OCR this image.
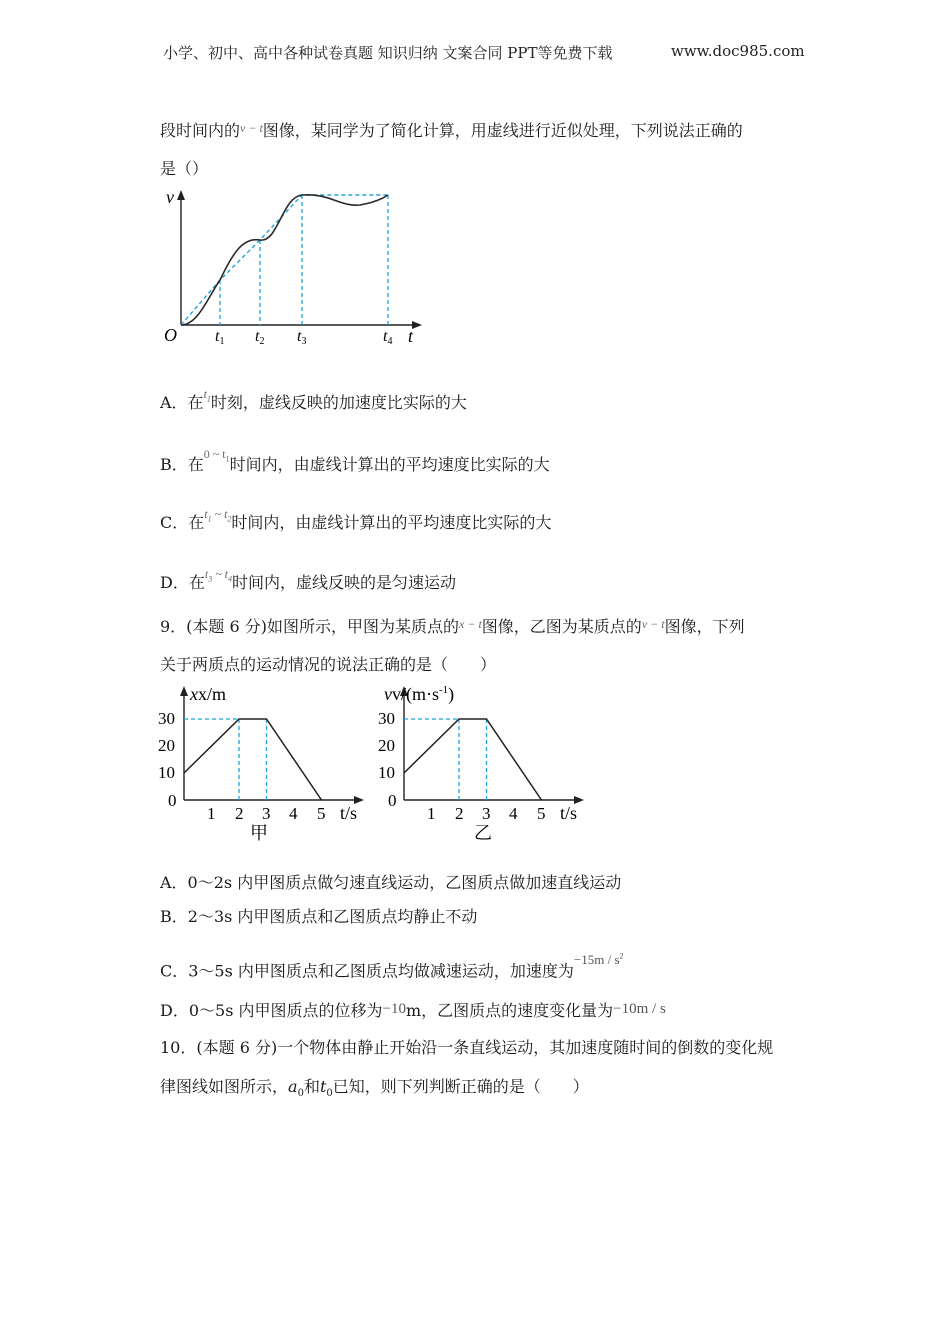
小学、初中、高中各种试卷真题 知识归纳 文案合同 PPT等免费下载	www.doc985.com
段时间内的$^{v - t}$图像，某同学为了简化计算，用虚线进行近似处理，下列说法正确的
是（）
v
t
O t1 t2 t3	t4
A．在$^{t_1}$时刻，虚线反映的加速度比实际的大
B．在$^{0 \sim t_1}$时间内，由虚线计算出的平均速度比实际的大
C．在$^{t_1 \sim t_2}$时间内，由虚线计算出的平均速度比实际的大
D．在$^{t_3 \sim t_4}$时间内，虚线反映的是匀速运动
9．(本题 6 分)如图所示，甲图为某质点的$^{x - t}$图像，乙图为某质点的$^{v - t}$图像，下列
关于两质点的运动情况的说法正确的是（　　）
xx/m
t/s
30
20
10
0
1 2 3 4 5
甲
$vv/(m\cdot s^{-1})$
t/s
30
20
10
0
1 2 3 4 5
乙
A．0～2s 内甲图质点做匀速直线运动，乙图质点做加速直线运动
B．2～3s 内甲图质点和乙图质点均静止不动
C．3～5s 内甲图质点和乙图质点均做减速运动，加速度为$^{-15m / s^2}$
D．0～5s 内甲图质点的位移为−10m，乙图质点的速度变化量为−10m / s
10．(本题 6 分)一个物体由静止开始沿一条直线运动，其加速度随时间的倒数的变化规
律图线如图所示，$a_0$和$t_0$已知，则下列判断正确的是（　　）
